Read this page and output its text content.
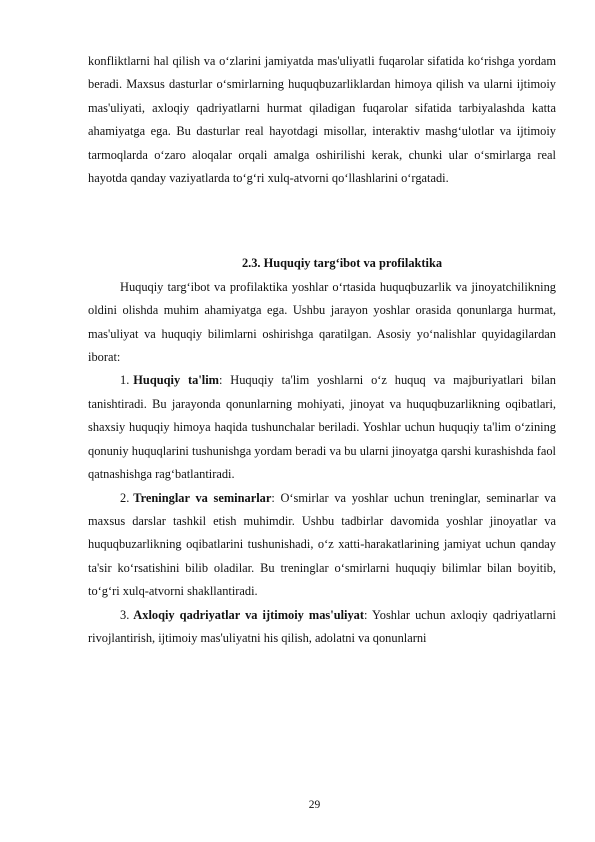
konfliktlarni hal qilish va o‘zlarini jamiyatda mas'uliyatli fuqarolar sifatida ko‘rishga yordam beradi. Maxsus dasturlar o‘smirlarning huquqbuzarliklardan himoya qilish va ularni ijtimoiy mas'uliyati, axloqiy qadriyatlarni hurmat qiladigan fuqarolar sifatida tarbiyalashda katta ahamiyatga ega. Bu dasturlar real hayotdagi misollar, interaktiv mashg‘ulotlar va ijtimoiy tarmoqlarda o‘zaro aloqalar orqali amalga oshirilishi kerak, chunki ular o‘smirlarga real hayotda qanday vaziyatlarda to‘g‘ri xulq-atvorni qo‘llashlarini o‘rgatadi.

2.3. Huquqiy targ‘ibot va profilaktika

Huquqiy targ‘ibot va profilaktika yoshlar o‘rtasida huquqbuzarlik va jinoyatchilikning oldini olishda muhim ahamiyatga ega. Ushbu jarayon yoshlar orasida qonunlarga hurmat, mas'uliyat va huquqiy bilimlarni oshirishga qaratilgan. Asosiy yo‘nalishlar quyidagilardan iborat:

1. Huquqiy ta'lim: Huquqiy ta'lim yoshlarni o‘z huquq va majburiyatlari bilan tanishtiradi. Bu jarayonda qonunlarning mohiyati, jinoyat va huquqbuzarlikning oqibatlari, shaxsiy huquqiy himoya haqida tushunchalar beriladi. Yoshlar uchun huquqiy ta'lim o‘zining qonuniy huquqlarini tushunishga yordam beradi va bu ularni jinoyatga qarshi kurashishda faol qatnashishga rag‘batlantiradi.

2. Treninglar va seminarlar: O‘smirlar va yoshlar uchun treninglar, seminarlar va maxsus darslar tashkil etish muhimdir. Ushbu tadbirlar davomida yoshlar jinoyatlar va huquqbuzarlikning oqibatlarini tushunishadi, o‘z xatti-harakatlarining jamiyat uchun qanday ta'sir ko‘rsatishini bilib oladilar. Bu treninglar o‘smirlarni huquqiy bilimlar bilan boyitib, to‘g‘ri xulq-atvorni shakllantiradi.

3. Axloqiy qadriyatlar va ijtimoiy mas'uliyat: Yoshlar uchun axloqiy qadriyatlarni rivojlantirish, ijtimoiy mas'uliyatni his qilish, adolatni va qonunlarni

29
